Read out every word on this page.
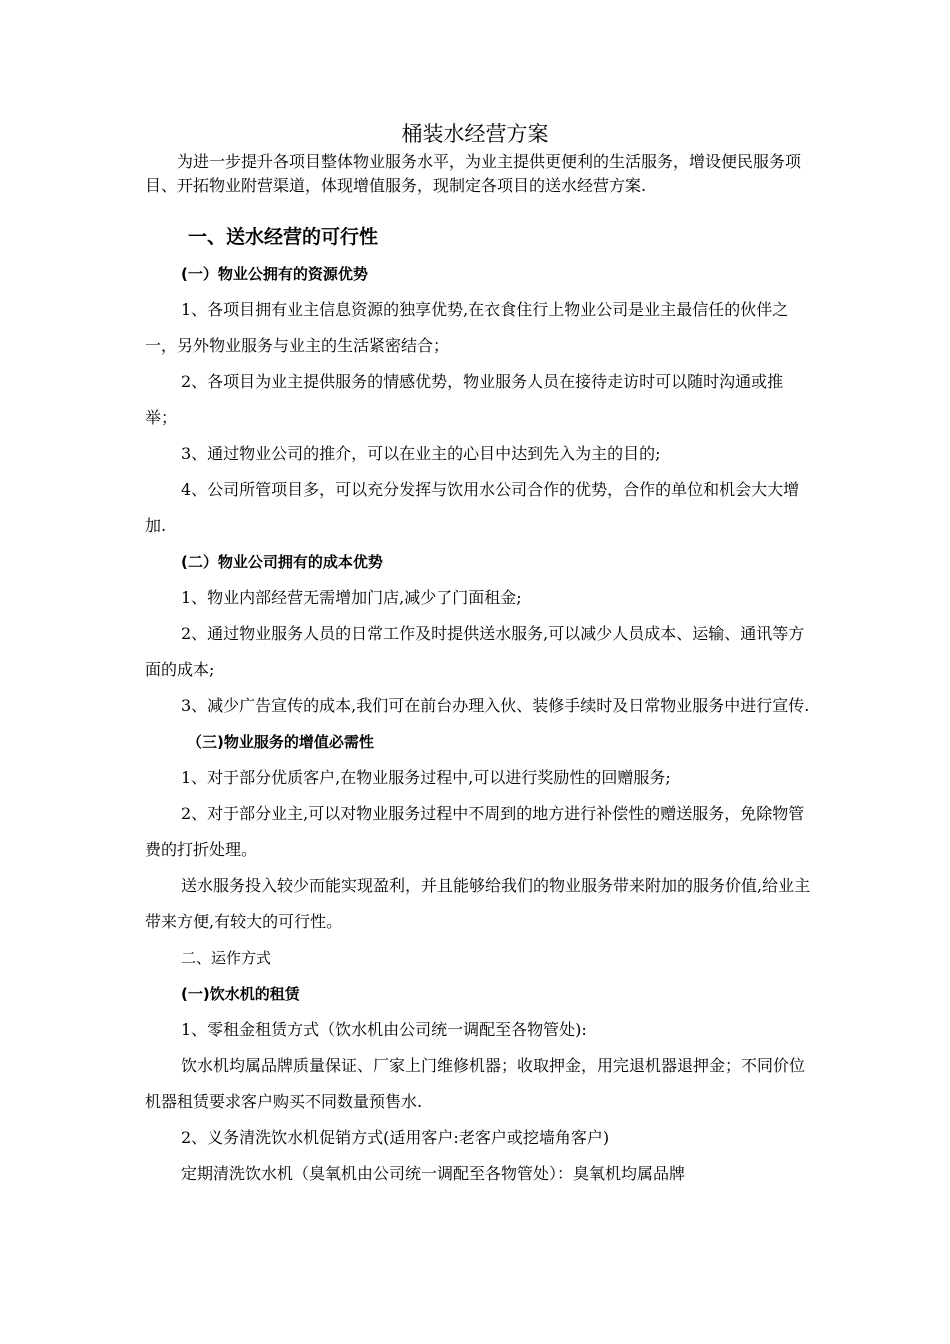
桶装水经营方案

为进一步提升各项目整体物业服务水平，为业主提供更便利的生活服务，增设便民服务项目、开拓物业附营渠道，体现增值服务，现制定各项目的送水经营方案.

一、送水经营的可行性

(一）物业公拥有的资源优势

1、各项目拥有业主信息资源的独享优势,在衣食住行上物业公司是业主最信任的伙伴之一，另外物业服务与业主的生活紧密结合；

2、各项目为业主提供服务的情感优势，物业服务人员在接待走访时可以随时沟通或推举；

3、通过物业公司的推介，可以在业主的心目中达到先入为主的目的;

4、公司所管项目多，可以充分发挥与饮用水公司合作的优势，合作的单位和机会大大增加.

(二）物业公司拥有的成本优势

1、物业内部经营无需增加门店,减少了门面租金;

2、通过物业服务人员的日常工作及时提供送水服务,可以减少人员成本、运输、通讯等方面的成本;

3、减少广告宣传的成本,我们可在前台办理入伙、装修手续时及日常物业服务中进行宣传.

（三)物业服务的增值必需性

1、对于部分优质客户,在物业服务过程中,可以进行奖励性的回赠服务;

2、对于部分业主,可以对物业服务过程中不周到的地方进行补偿性的赠送服务，免除物管费的打折处理。

送水服务投入较少而能实现盈利，并且能够给我们的物业服务带来附加的服务价值,给业主带来方便,有较大的可行性。

二、运作方式

(一)饮水机的租赁

1、零租金租赁方式（饮水机由公司统一调配至各物管处):

饮水机均属品牌质量保证、厂家上门维修机器；收取押金，用完退机器退押金；不同价位机器租赁要求客户购买不同数量预售水.

2、义务清洗饮水机促销方式(适用客户:老客户或挖墙角客户)

定期清洗饮水机（臭氧机由公司统一调配至各物管处）：臭氧机均属品牌
